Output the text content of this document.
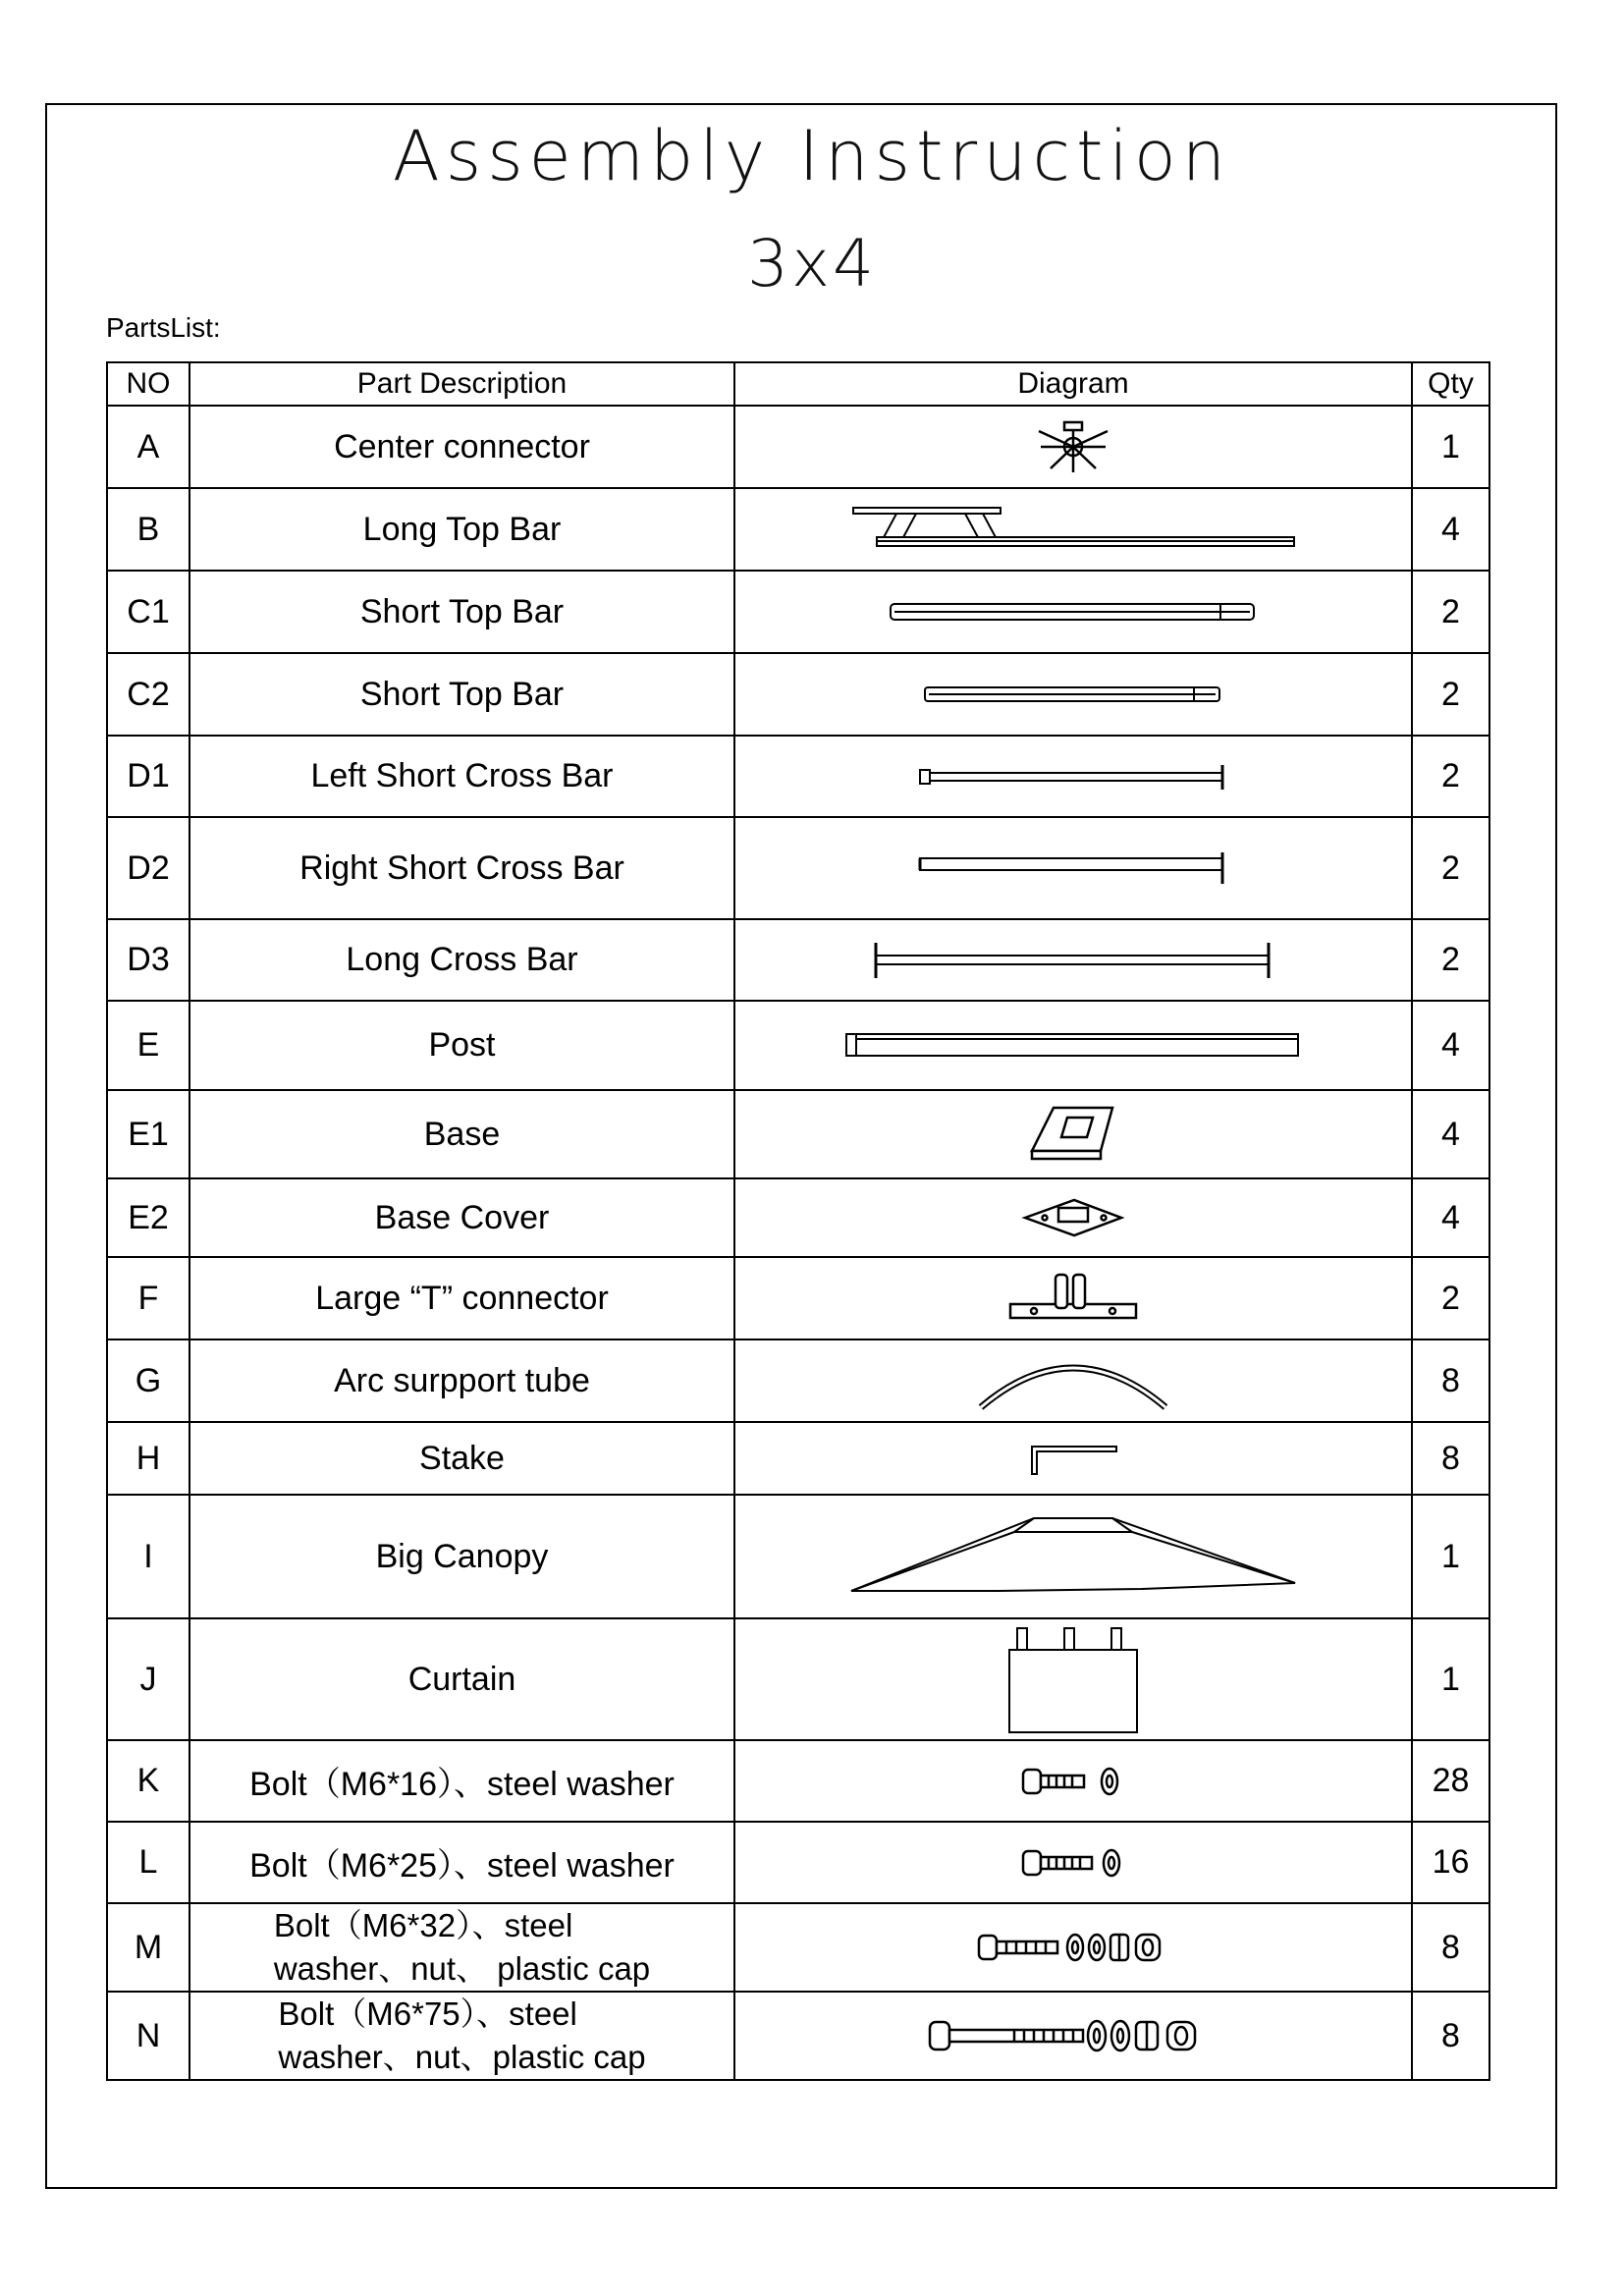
Assembly Instruction
3x4
PartsList:
NO	Part Description	Diagram	Qty
A	Center connector		1
B	Long Top Bar		4
C1	Short Top Bar		2
C2	Short Top Bar		2
D1	Left Short Cross Bar		2
D2	Right Short Cross Bar		2
D3	Long Cross Bar		2
E	Post		4
E1	Base		4
E2	Base Cover		4
F	Large “T” connector		2
G	Arc surpport tube		8
H	Stake		8
I	Big Canopy		1
J	Curtain		1
K	Bolt（M6*16）、steel washer		28
L	Bolt（M6*25）、steel washer		16
M	Bolt（M6*32）、steel
washer、nut、 plastic cap		8
N	Bolt（M6*75）、steel
washer、nut、plastic cap		8
